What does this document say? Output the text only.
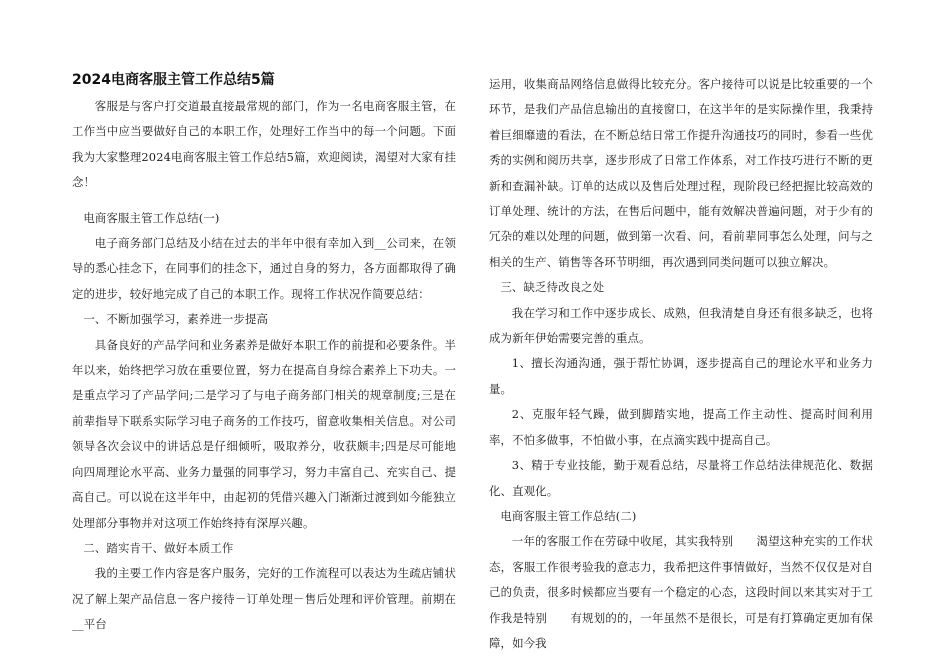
2024电商客服主管工作总结5篇

客服是与客户打交道最直接最常规的部门，作为一名电商客服主管，在工作当中应当要做好自己的本职工作，处理好工作当中的每一个问题。下面我为大家整理2024电商客服主管工作总结5篇，欢迎阅读，渴望对大家有挂念！

电商客服主管工作总结(一)

电子商务部门总结及小结在过去的半年中很有幸加入到__公司来，在领导的悉心挂念下，在同事们的挂念下，通过自身的努力，各方面都取得了确定的进步，较好地完成了自己的本职工作。现将工作状况作简要总结：

一、不断加强学习，素养进一步提高

具备良好的产品学问和业务素养是做好本职工作的前提和必要条件。半年以来，始终把学习放在重要位置，努力在提高自身综合素养上下功夫。一是重点学习了产品学问;二是学习了与电子商务部门相关的规章制度;三是在前辈指导下联系实际学习电子商务的工作技巧，留意收集相关信息。对公司领导各次会议中的讲话总是仔细倾听，吸取养分，收获颇丰;四是尽可能地向四周理论水平高、业务力量强的同事学习，努力丰富自己、充实自己、提高自己。可以说在这半年中，由起初的凭借兴趣入门渐渐过渡到如今能独立处理部分事物并对这项工作始终持有深厚兴趣。

二、踏实肯干、做好本质工作

我的主要工作内容是客户服务，完好的工作流程可以表达为生疏店铺状况了解上架产品信息－客户接待－订单处理－售后处理和评价管理。前期在__平台

运用，收集商品网络信息做得比较充分。客户接待可以说是比较重要的一个环节，是我们产品信息输出的直接窗口，在这半年的是实际操作里，我秉持着巨细靡遗的看法，在不断总结日常工作提升沟通技巧的同时，参看一些优秀的实例和阅历共享，逐步形成了日常工作体系，对工作技巧进行不断的更新和查漏补缺。订单的达成以及售后处理过程，现阶段已经把握比较高效的订单处理、统计的方法，在售后问题中，能有效解决普遍问题，对于少有的冗杂的难以处理的问题，做到第一次看、问，看前辈同事怎么处理，问与之相关的生产、销售等各环节明细，再次遇到同类问题可以独立解决。

三、缺乏待改良之处

我在学习和工作中逐步成长、成熟，但我清楚自身还有很多缺乏，也将成为新年伊始需要完善的重点。

1、擅长沟通沟通，强于帮忙协调，逐步提高自己的理论水平和业务力量。

2、克服年轻气躁，做到脚踏实地，提高工作主动性、提高时间利用率，不怕多做事，不怕做小事，在点滴实践中提高自己。

3、精于专业技能，勤于观看总结，尽量将工作总结法律规范化、数据化、直观化。

电商客服主管工作总结(二)

一年的客服工作在劳碌中收尾，其实我特别　　渴望这种充实的工作状态，客服工作很考验我的意志力，我希把这件事情做好，当然不仅仅是对自己的负责，很多时候都应当要有一个稳定的心态，这段时间以来其实对于工作我是特别　　有规划的的，一年虽然不是很长，可是有打算确定更加有保障，如今我
